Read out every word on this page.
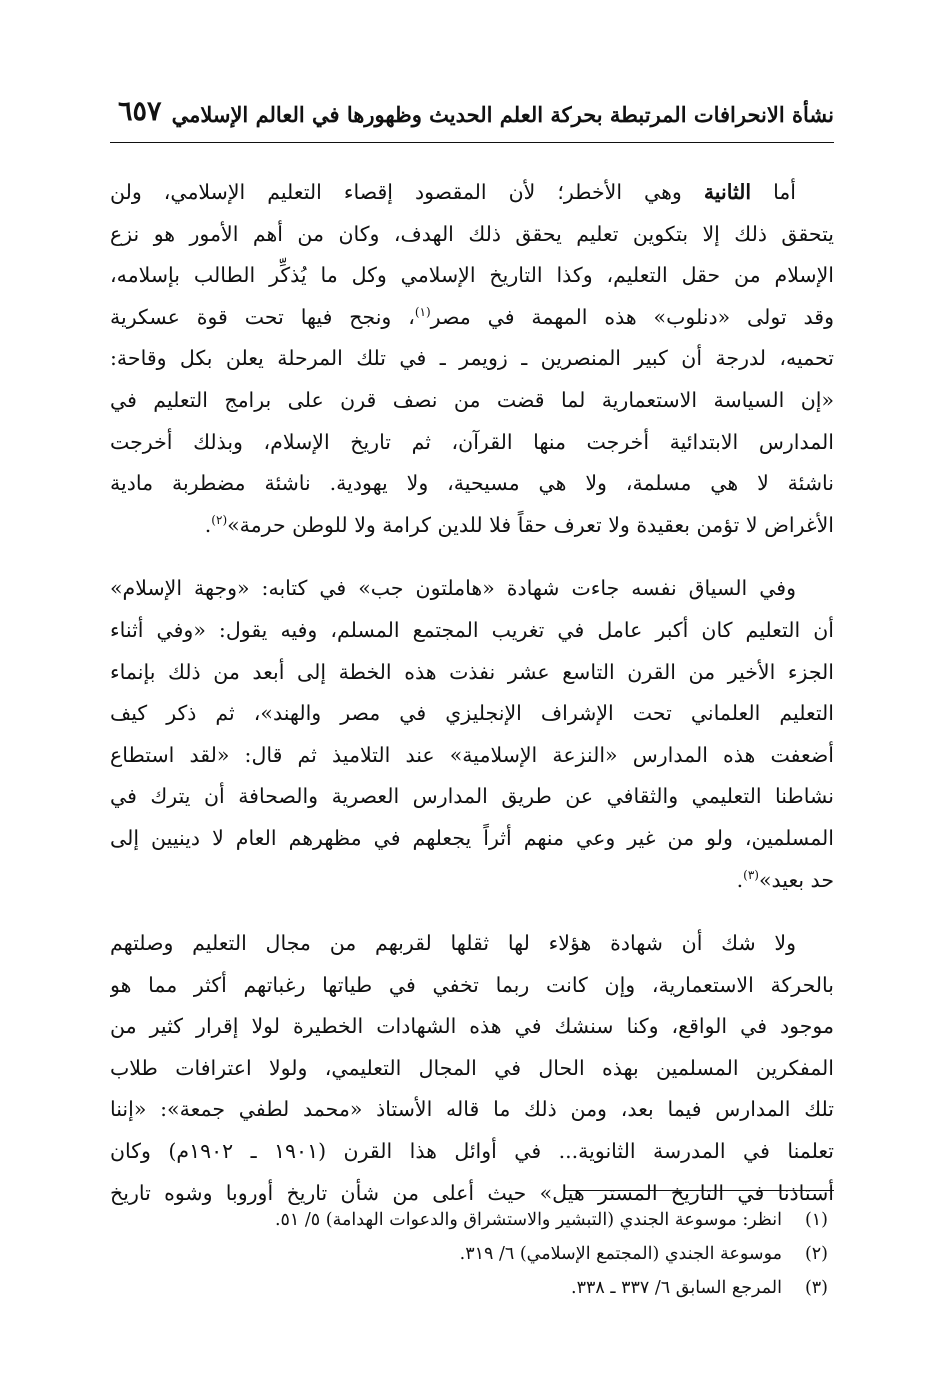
نشأة الانحرافات المرتبطة بحركة العلم الحديث وظهورها في العالم الإسلامي
٦٥٧
أما الثانية وهي الأخطر؛ لأن المقصود إقصاء التعليم الإسلامي، ولن
يتحقق ذلك إلا بتكوين تعليم يحقق ذلك الهدف، وكان من أهم الأمور هو نزع
الإسلام من حقل التعليم، وكذا التاريخ الإسلامي وكل ما يُذكِّر الطالب بإسلامه،
وقد تولى «دنلوب» هذه المهمة في مصر$^{(١)}$، ونجح فيها تحت قوة عسكرية
تحميه، لدرجة أن كبير المنصرين ـ زويمر ـ في تلك المرحلة يعلن بكل وقاحة:
«إن السياسة الاستعمارية لما قضت من نصف قرن على برامج التعليم في
المدارس الابتدائية أخرجت منها القرآن، ثم تاريخ الإسلام، وبذلك أخرجت
ناشئة لا هي مسلمة، ولا هي مسيحية، ولا يهودية. ناشئة مضطربة مادية
الأغراض لا تؤمن بعقيدة ولا تعرف حقاً فلا للدين كرامة ولا للوطن حرمة»$^{(٢)}$.
وفي السياق نفسه جاءت شهادة «هاملتون جب» في كتابه: «وجهة الإسلام»
أن التعليم كان أكبر عامل في تغريب المجتمع المسلم، وفيه يقول: «وفي أثناء
الجزء الأخير من القرن التاسع عشر نفذت هذه الخطة إلى أبعد من ذلك بإنماء
التعليم العلماني تحت الإشراف الإنجليزي في مصر والهند»، ثم ذكر كيف
أضعفت هذه المدارس «النزعة الإسلامية» عند التلاميذ ثم قال: «لقد استطاع
نشاطنا التعليمي والثقافي عن طريق المدارس العصرية والصحافة أن يترك في
المسلمين، ولو من غير وعي منهم أثراً يجعلهم في مظهرهم العام لا دينيين إلى
حد بعيد»$^{(٣)}$.
ولا شك أن شهادة هؤلاء لها ثقلها لقربهم من مجال التعليم وصلتهم
بالحركة الاستعمارية، وإن كانت ربما تخفي في طياتها رغباتهم أكثر مما هو
موجود في الواقع، وكنا سنشك في هذه الشهادات الخطيرة لولا إقرار كثير من
المفكرين المسلمين بهذه الحال في المجال التعليمي، ولولا اعترافات طلاب
تلك المدارس فيما بعد، ومن ذلك ما قاله الأستاذ «محمد لطفي جمعة»: «إننا
تعلمنا في المدرسة الثانوية... في أوائل هذا القرن (١٩٠١ ـ ١٩٠٢م) وكان
أستاذنا في التاريخ المستر هيل» حيث أعلى من شأن تاريخ أوروبا وشوه تاريخ
(١)انظر: موسوعة الجندي (التبشير والاستشراق والدعوات الهدامة) ٥/ ٥١.
(٢)موسوعة الجندي (المجتمع الإسلامي) ٦/ ٣١٩.
(٣)المرجع السابق ٦/ ٣٣٧ ـ ٣٣٨.
